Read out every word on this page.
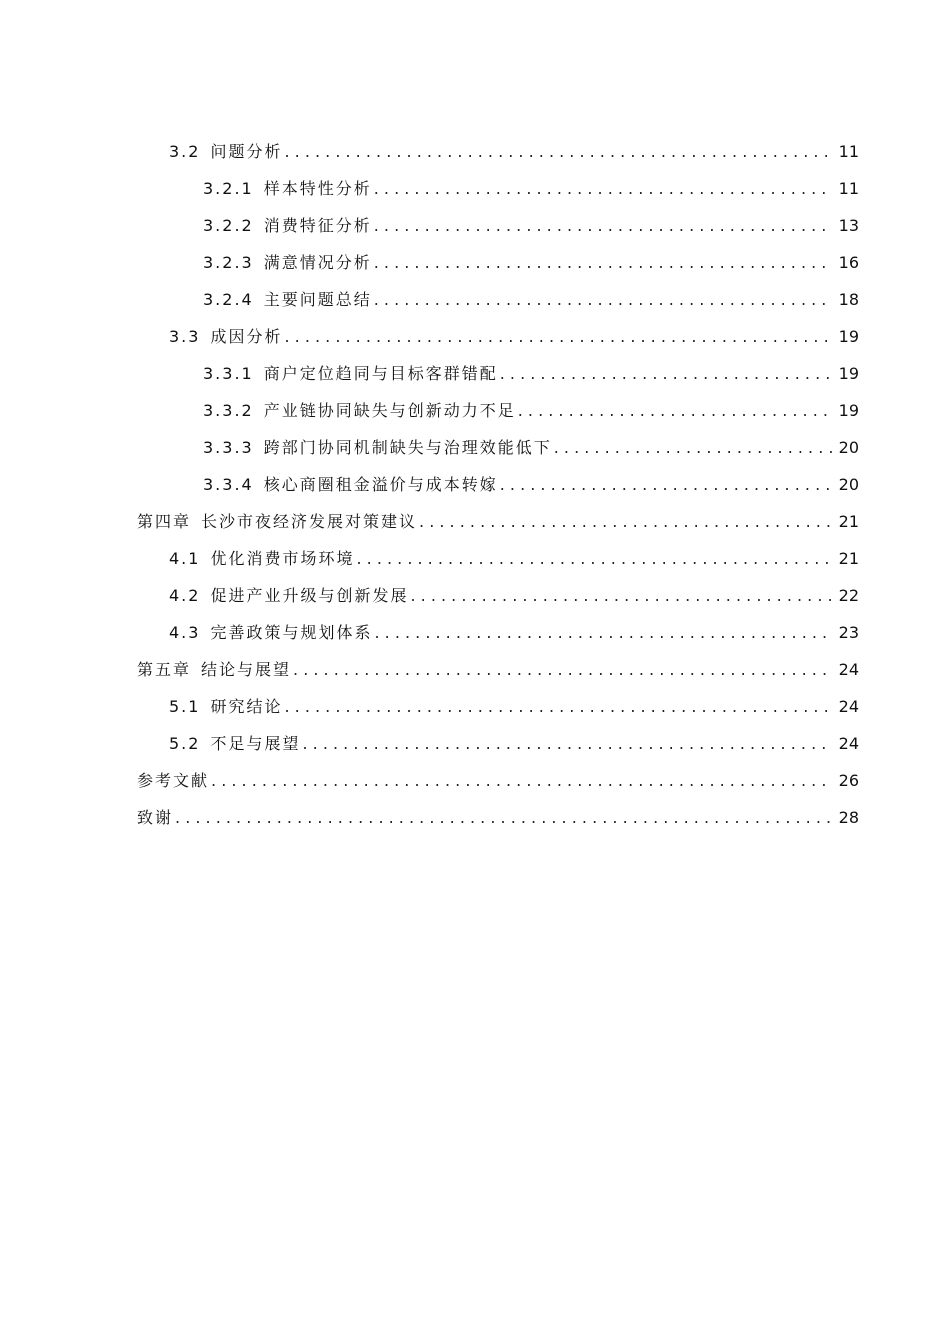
3.2 问题分析 . . .	11
3.2.1 样本特性分析 . . .	11
3.2.2 消费特征分析 . . .	13
3.2.3 满意情况分析 . . .	16
3.2.4 主要问题总结 . . .	18
3.3 成因分析 . . .	19
3.3.1 商户定位趋同与目标客群错配 . . .	19
3.3.2 产业链协同缺失与创新动力不足 . . .	19
3.3.3 跨部门协同机制缺失与治理效能低下 . . .	20
3.3.4 核心商圈租金溢价与成本转嫁 . . .	20
第四章 长沙市夜经济发展对策建议 . . .	21
4.1 优化消费市场环境 . . .	21
4.2 促进产业升级与创新发展 . . .	22
4.3 完善政策与规划体系 . . .	23
第五章 结论与展望 . . .	24
5.1 研究结论 . . .	24
5.2 不足与展望 . . .	24
参考文献 . . .	26
致谢 . . .	28
